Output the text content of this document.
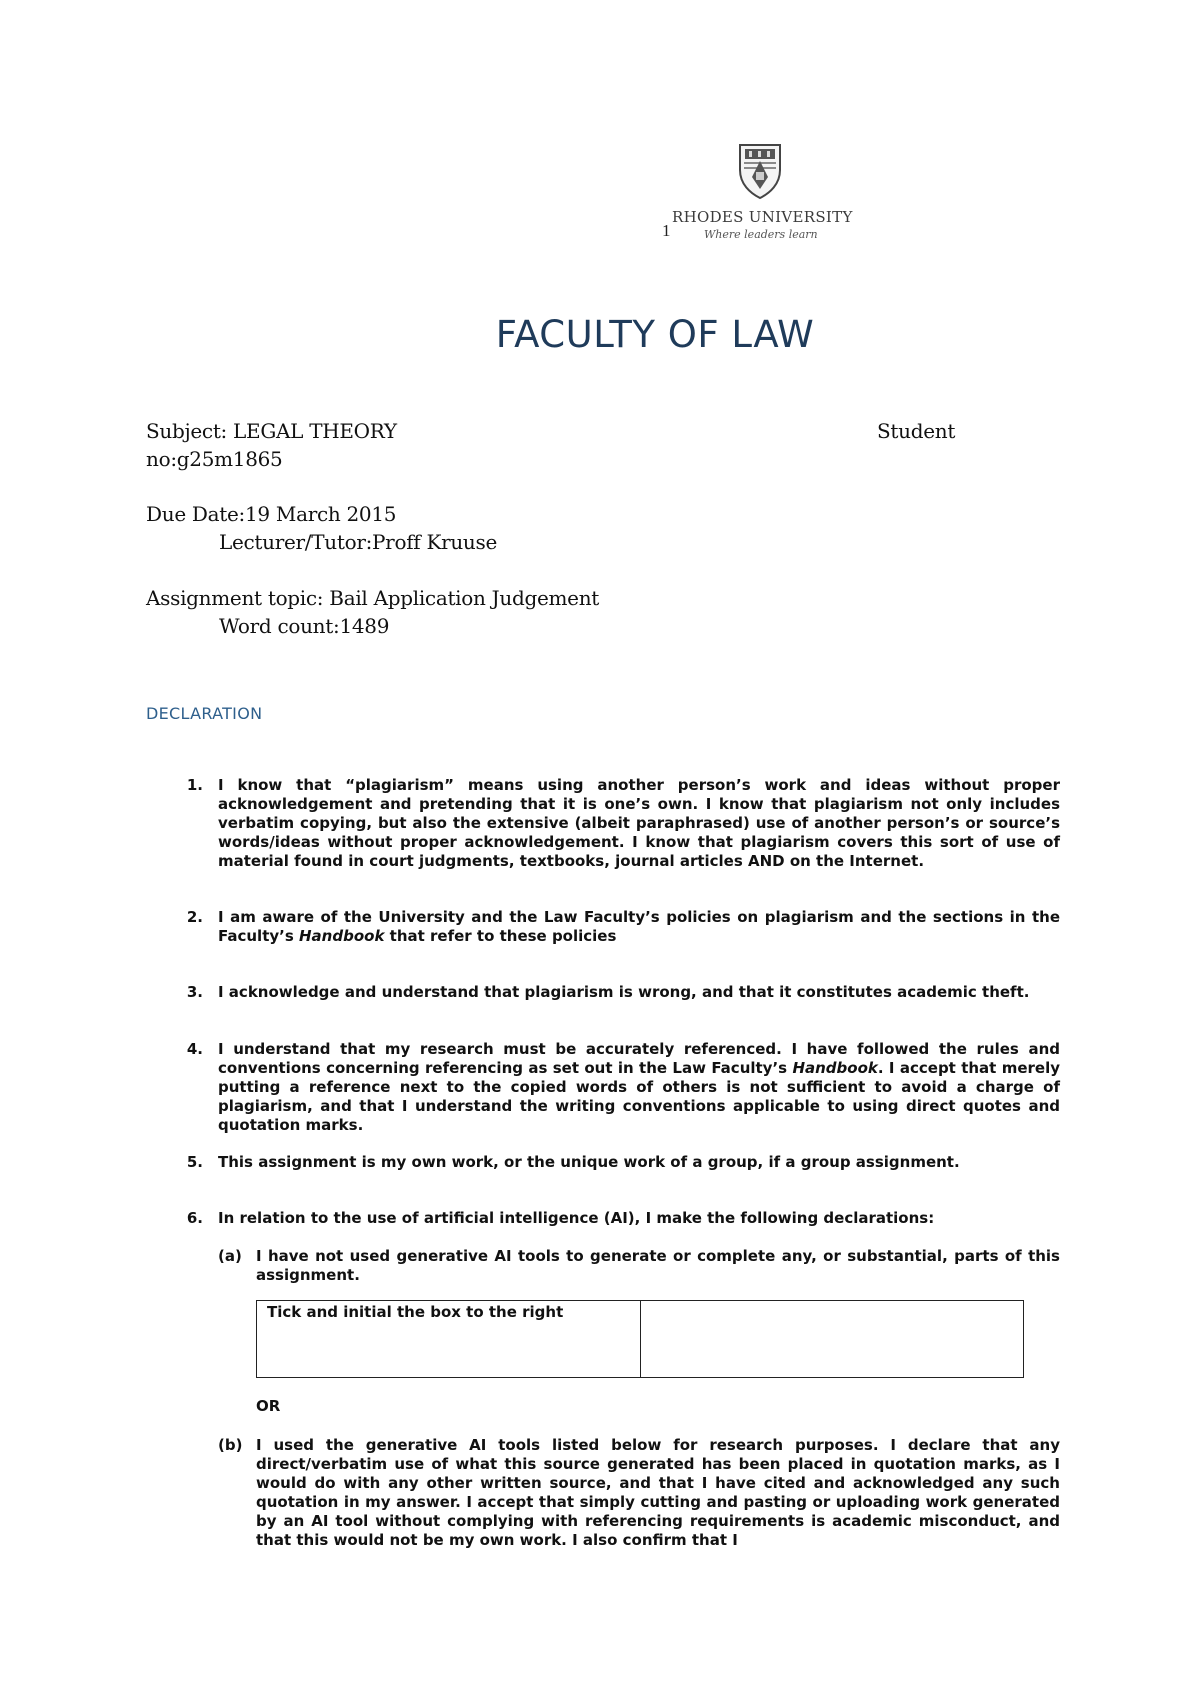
RHODES UNIVERSITY
Where leaders learn
1
FACULTY OF LAW
Subject: LEGAL THEORY	Student
no:g25m1865
Due Date:19 March 2015
Lecturer/Tutor:Proff Kruuse
Assignment topic: Bail Application Judgement
Word count:1489
DECLARATION
1. I know that “plagiarism” means using another person’s work and ideas without proper acknowledgement and pretending that it is one’s own. I know that plagiarism not only includes verbatim copying, but also the extensive (albeit paraphrased) use of another person’s or source’s words/ideas without proper acknowledgement. I know that plagiarism covers this sort of use of material found in court judgments, textbooks, journal articles AND on the Internet.
2. I am aware of the University and the Law Faculty’s policies on plagiarism and the sections in the Faculty’s Handbook that refer to these policies
3. I acknowledge and understand that plagiarism is wrong, and that it constitutes academic theft.
4. I understand that my research must be accurately referenced. I have followed the rules and conventions concerning referencing as set out in the Law Faculty’s Handbook. I accept that merely putting a reference next to the copied words of others is not sufficient to avoid a charge of plagiarism, and that I understand the writing conventions applicable to using direct quotes and quotation marks.
5. This assignment is my own work, or the unique work of a group, if a group assignment.
6. In relation to the use of artificial intelligence (AI), I make the following declarations:
(a) I have not used generative AI tools to generate or complete any, or substantial, parts of this assignment.
Tick and initial the box to the right
OR
(b) I used the generative AI tools listed below for research purposes. I declare that any direct/verbatim use of what this source generated has been placed in quotation marks, as I would do with any other written source, and that I have cited and acknowledged any such quotation in my answer. I accept that simply cutting and pasting or uploading work generated by an AI tool without complying with referencing requirements is academic misconduct, and that this would not be my own work. I also confirm that I
